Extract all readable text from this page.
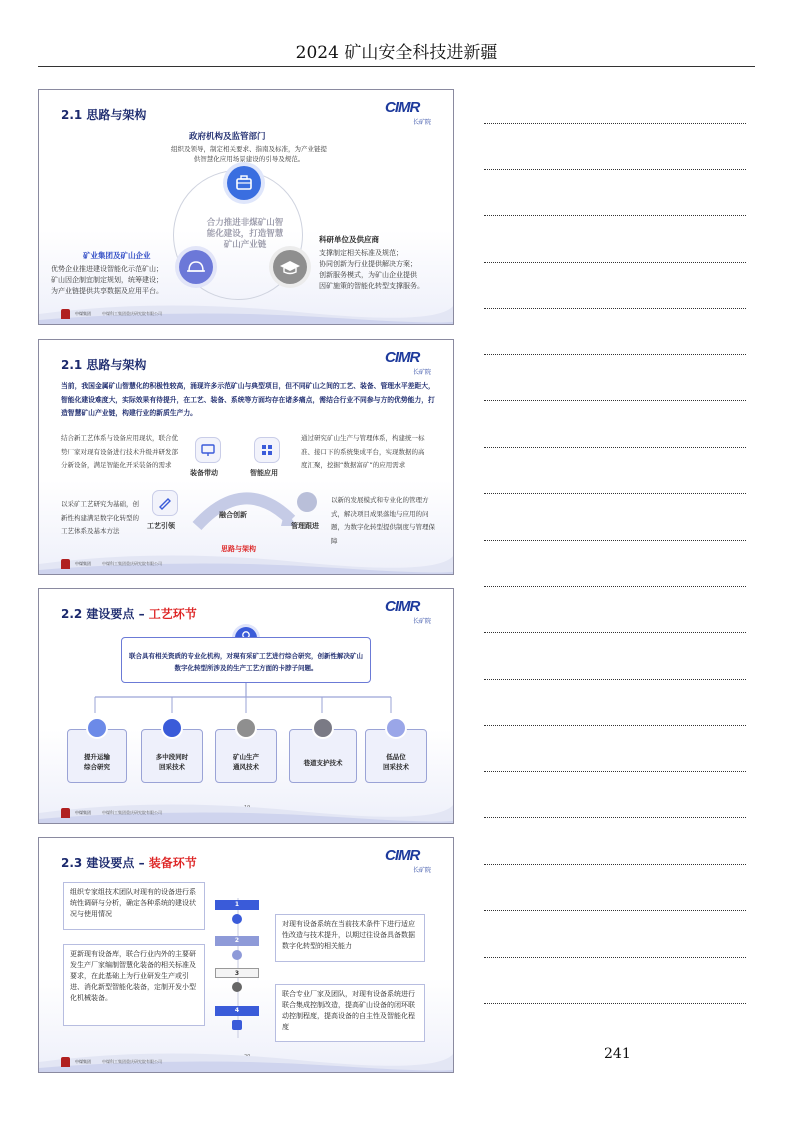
2024 矿山安全科技进新疆
2.1 思路与架构	CIMR
长矿院
政府机构及监管部门
组织及领导，制定相关要求、指南及标准，为产业链提供智慧化应用场景建设的引导及规范。
合力推进非煤矿山智能化建设，打造智慧矿山产业链
矿业集团及矿山企业
优势企业推进建设智能化示范矿山；
矿山因企制宜制定规划，统筹建设；
为产业链提供共享数据及应用平台。
科研单位及供应商
支撑制定相关标准及规范；
协同创新为行业提供解决方案；
创新服务模式，为矿山企业提供
因矿施策的智能化转型支撑服务。
中煤集团	中煤科工集团重庆研究院有限公司
2.1 思路与架构	CIMR
长矿院
当前，我国金属矿山智慧化的积极性较高，涌现许多示范矿山与典型项目，但不同矿山之间的工艺、装备、管理水平差距大，智能化建设难度大，实际效果有待提升，在工艺、装备、系统等方面均存在诸多痛点，需结合行业不同参与方的优势能力，打造智慧矿山产业链，构建行业的新质生产力。
结合新工艺体系与设备应用现状，联合优势厂家对现有设备进行技术升级并研发部分新设备，满足智能化开采装备的需求
通过研究矿山生产与管理体系，构建统一标准、接口下的系统集成平台，实现数据的高度汇聚，挖掘“数据富矿”的应用需求
以采矿工艺研究为基础，创新性构建满足数字化转型的工艺体系及基本方法
以新的发展模式和专业化的管理方式，解决项目成果落地与应用的问题，为数字化转型提供制度与管理保障
装备带动	智能应用
工艺引领
融合创新
管理跟进
思路与架构
中煤集团	中煤科工集团重庆研究院有限公司
2.2 建设要点 – 工艺环节	CIMR
长矿院
联合具有相关资质的专业化机构，对現有采矿工艺进行综合研究，创新性解决矿山数字化转型所涉及的生产工艺方面的卡脖子问题。
提升运输
综合研究
多中段同时
回采技术
矿山生产
通风技术	巷道支护技术
低品位
回采技术
中煤集团	中煤科工集团重庆研究院有限公司
2.3 建设要点 – 装备环节	CIMR
长矿院
组织专家组技术团队对现有的设备进行系统性调研与分析，确定各种系统的建设状况与使用情况
对现有设备系统在当前技术条件下进行适应性改造与技术提升，以期过往设备具备数据数字化转型的相关能力
更新现有设备库，联合行业内外的主要研发生产厂家编制智慧化装备的相关标准及要求，在此基础上为行业研发生产或引进、消化新型智能化装备，定制开发小型化机械装备。	联合专业厂家及团队，对现有设备系统进行联合集成控制改造，提高矿山设备的闭环联动控制程度，提高设备的自主性及智能化程度
1
2
3
4
中煤集团	中煤科工集团重庆研究院有限公司	241
